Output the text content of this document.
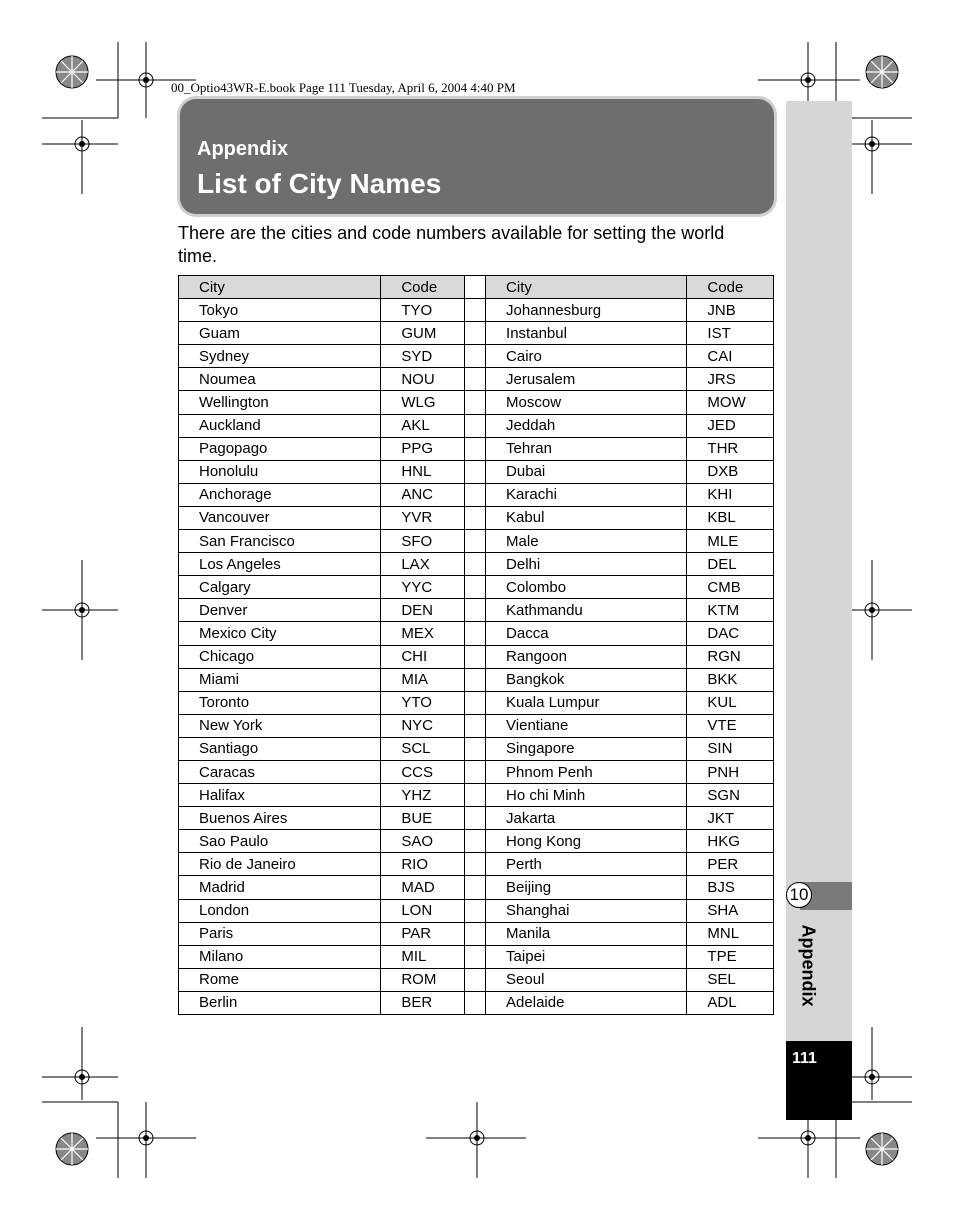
00_Optio43WR-E.book Page 111 Tuesday, April 6, 2004 4:40 PM
Appendix
List of City Names
There are the cities and code numbers available for setting the world time.
City	Code	City	Code
Tokyo	TYO	Johannesburg	JNB
Guam	GUM	Instanbul	IST
Sydney	SYD	Cairo	CAI
Noumea	NOU	Jerusalem	JRS
Wellington	WLG	Moscow	MOW
Auckland	AKL	Jeddah	JED
Pagopago	PPG	Tehran	THR
Honolulu	HNL	Dubai	DXB
Anchorage	ANC	Karachi	KHI
Vancouver	YVR	Kabul	KBL
San Francisco	SFO	Male	MLE
Los Angeles	LAX	Delhi	DEL
Calgary	YYC	Colombo	CMB
Denver	DEN	Kathmandu	KTM
Mexico City	MEX	Dacca	DAC
Chicago	CHI	Rangoon	RGN
Miami	MIA	Bangkok	BKK
Toronto	YTO	Kuala Lumpur	KUL
New York	NYC	Vientiane	VTE
Santiago	SCL	Singapore	SIN
Caracas	CCS	Phnom Penh	PNH
Halifax	YHZ	Ho chi Minh	SGN
Buenos Aires	BUE	Jakarta	JKT
Sao Paulo	SAO	Hong Kong	HKG
Rio de Janeiro	RIO	Perth	PER
Madrid	MAD	Beijing	BJS
London	LON	Shanghai	SHA
Paris	PAR	Manila	MNL
Milano	MIL	Taipei	TPE
Rome	ROM	Seoul	SEL
Berlin	BER	Adelaide	ADL
10
Appendix
111
